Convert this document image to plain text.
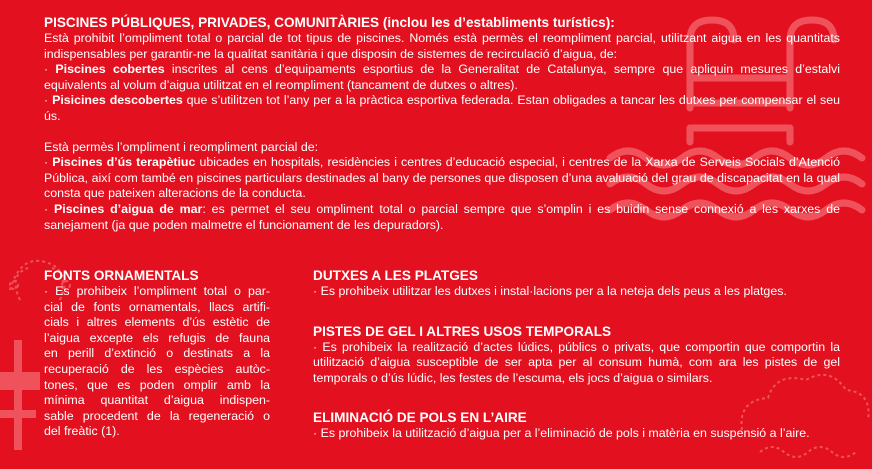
PISCINES PÚBLIQUES, PRIVADES, COMUNITÀRIES (inclou les d’establiments turístics):
Està prohibit l’ompliment total o parcial de tot tipus de piscines. Només està permès el reompliment parcial, utilitzant aigua en les quantitats indispensables per garantir-ne la qualitat sanitària i que disposin de sistemes de recirculació d’aigua, de:
· Piscines cobertes inscrites al cens d’equipaments esportius de la Generalitat de Catalunya, sempre que apliquin mesures d’estalvi equivalents al volum d’aigua utilitzat en el reompliment (tancament de dutxes o altres).
· Pisicines descobertes que s’utilitzen tot l’any per a la pràctica esportiva federada. Estan obligades a tancar les dutxes per compensar el seu ús.
Està permès l’ompliment i reompliment parcial de:
· Piscines d’ús terapètiuc ubicades en hospitals, residències i centres d’educació especial, i centres de la Xarxa de Serveis Socials d’Atenció Pública, així com també en piscines particulars destinades al bany de persones que disposen d’una avaluació del grau de discapacitat en la qual consta que pateixen alteracions de la conducta.
· Piscines d’aigua de mar: es permet el seu ompliment total o parcial sempre que s’omplin i es buidin sense connexió a les xarxes de sanejament (ja que poden malmetre el funcionament de les depuradors).
FONTS ORNAMENTALS
· Es prohibeix l’ompliment total o par-
cial de fonts ornamentals, llacs artifi-
cials i altres elements d’ús estètic de
l’aigua excepte els refugis de fauna
en perill d’extinció o destinats a la
recuperació de les espècies autòc-
tones, que es poden omplir amb la
mínima quantitat d’aigua indispen-
sable procedent de la regeneració o
del freàtic (1).
DUTXES A LES PLATGES
· Es prohibeix utilitzar les dutxes i instal·lacions per a la neteja dels peus a les platges.
PISTES DE GEL I ALTRES USOS TEMPORALS
· Es prohibeix la realització d’actes lúdics, públics o privats, que comportin que comportin la utilització d’aigua susceptible de ser apta per al consum humà, com ara les pistes de gel temporals o d’ús lúdic, les festes de l’escuma, els jocs d’aigua o similars.
ELIMINACIÓ DE POLS EN L’AIRE
· Es prohibeix la utilització d’aigua per a l’eliminació de pols i matèria en suspensió a l’aire.
